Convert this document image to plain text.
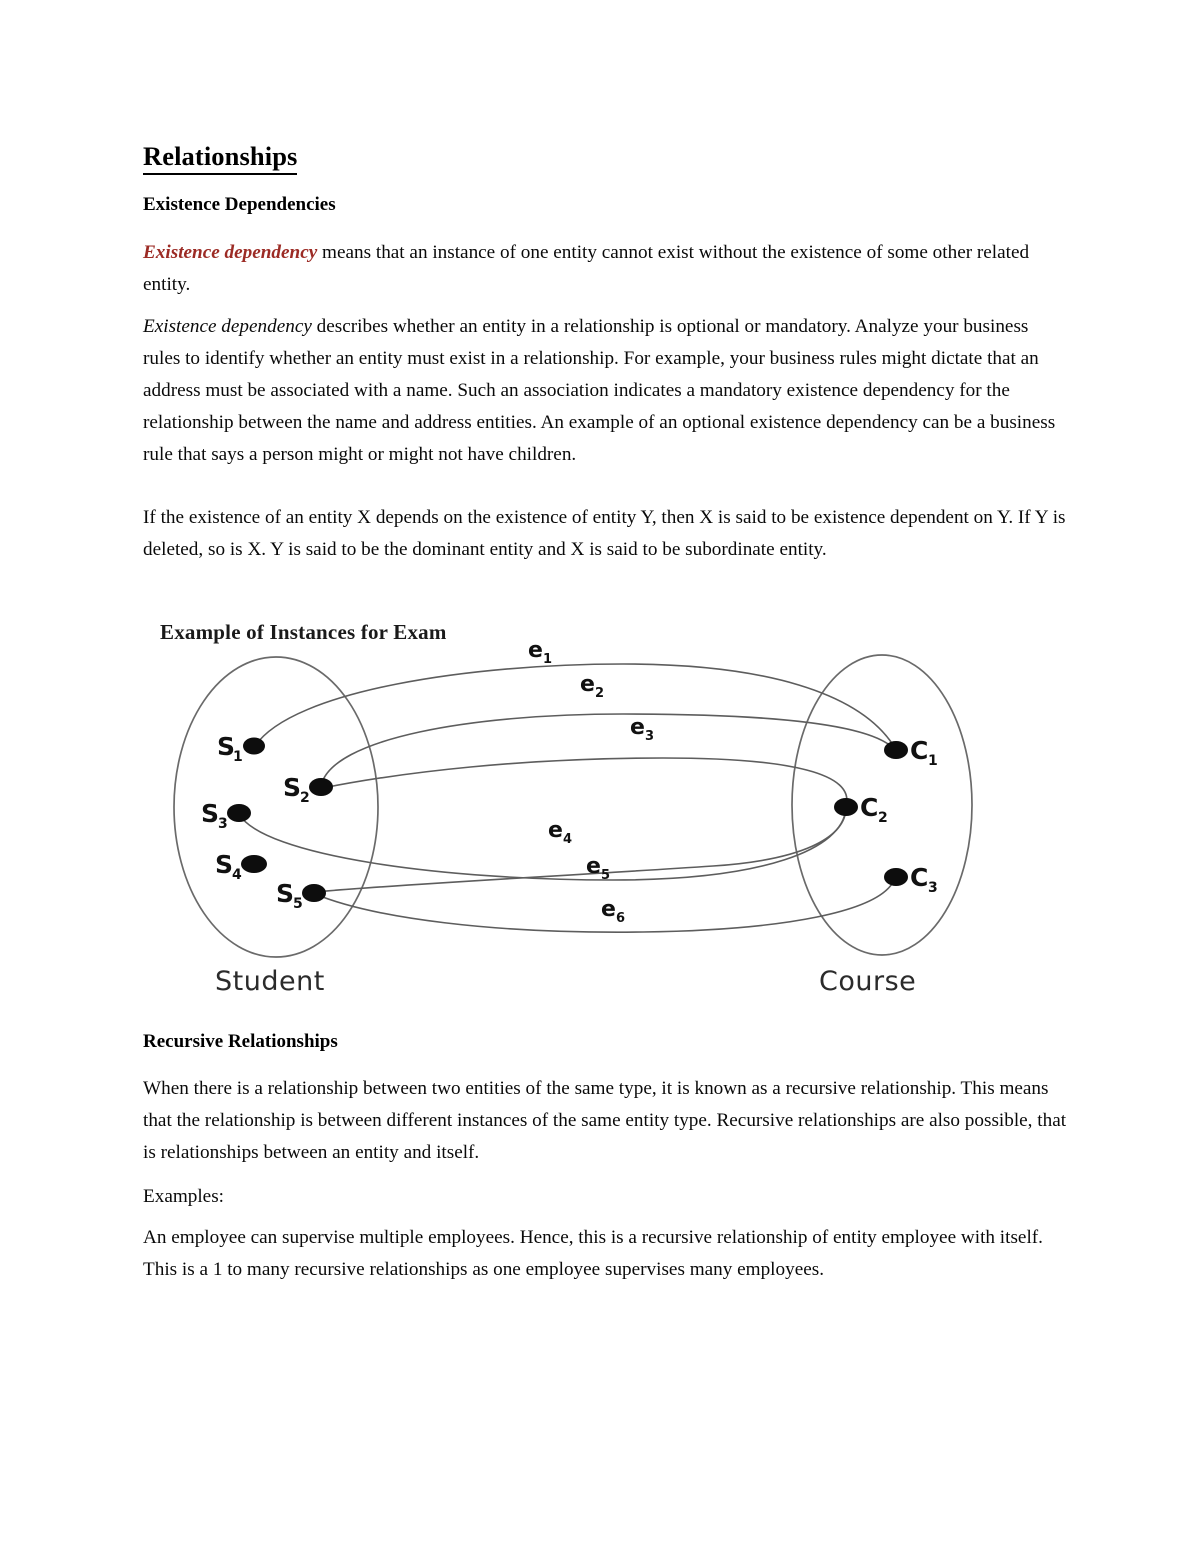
Relationships
Existence Dependencies

Existence dependency means that an instance of one entity cannot exist without the existence of some other related entity.

Existence dependency describes whether an entity in a relationship is optional or mandatory. Analyze your business rules to identify whether an entity must exist in a relationship. For example, your business rules might dictate that an address must be associated with a name. Such an association indicates a mandatory existence dependency for the relationship between the name and address entities. An example of an optional existence dependency can be a business rule that says a person might or might not have children.

If the existence of an entity X depends on the existence of entity Y, then X is said to be existence dependent on Y. If Y is deleted, so is X. Y is said to be the dominant entity and X is said to be subordinate entity.

Example of Instances for Exam
S
1
S
2
S
3
S
4
S
5
C 1
C 2
C 3
e 1
e 2
e 3
e 4
e 5
e 6
Student	Course
Recursive Relationships

When there is a relationship between two entities of the same type, it is known as a recursive relationship. This means that the relationship is between different instances of the same entity type. Recursive relationships are also possible, that is relationships between an entity and itself.

Examples:

An employee can supervise multiple employees. Hence, this is a recursive relationship of entity employee with itself. This is a 1 to many recursive relationships as one employee supervises many employees.
